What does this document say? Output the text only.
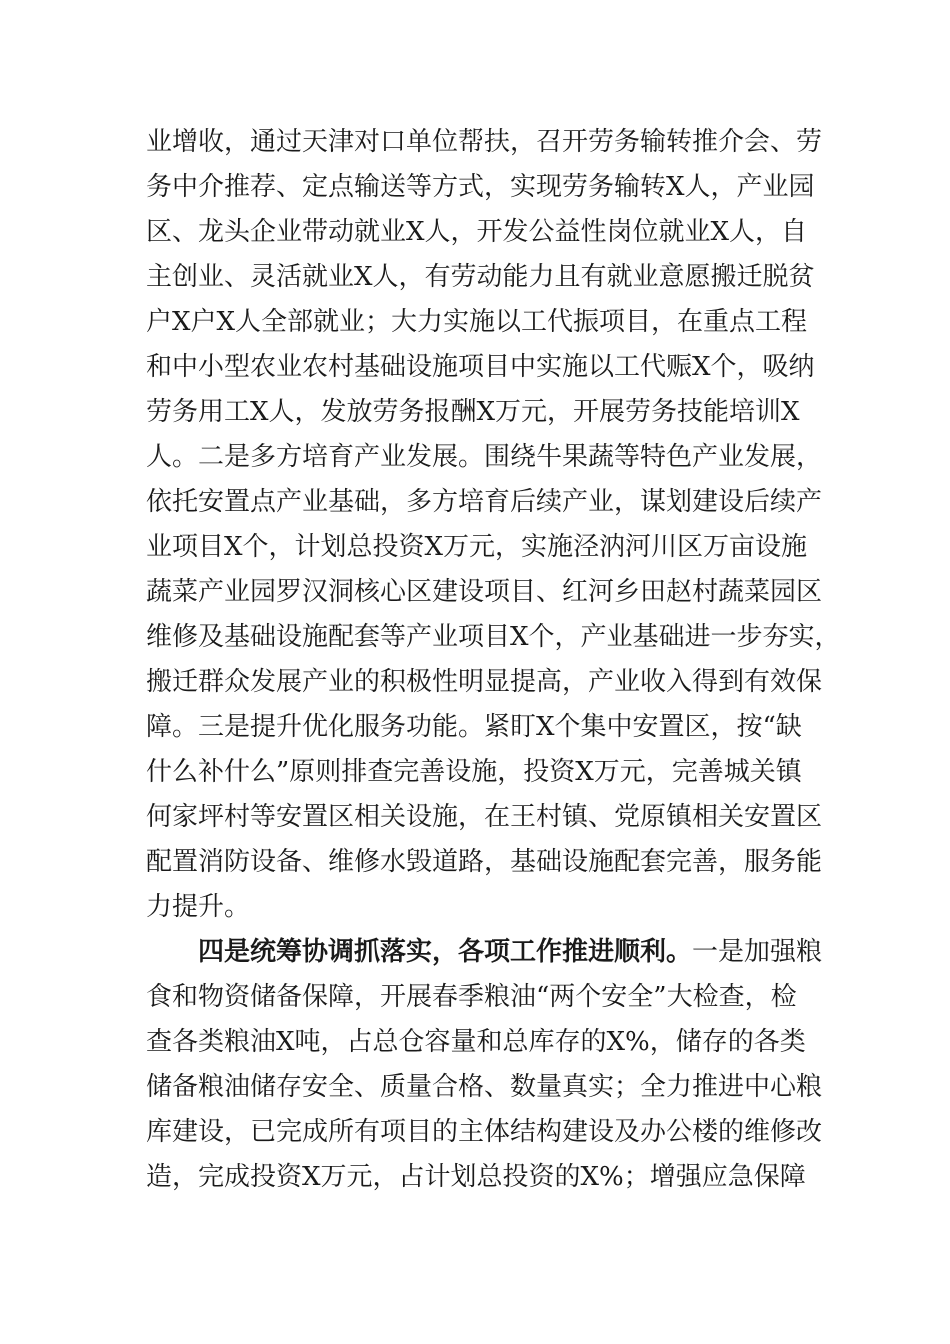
业增收，通过天津对口单位帮扶，召开劳务输转推介会、劳
务中介推荐、定点输送等方式，实现劳务输转X人，产业园
区、龙头企业带动就业X人，开发公益性岗位就业X人，自
主创业、灵活就业X人，有劳动能力且有就业意愿搬迁脱贫
户X户X人全部就业；大力实施以工代振项目，在重点工程
和中小型农业农村基础设施项目中实施以工代赈X个，吸纳
劳务用工X人，发放劳务报酬X万元，开展劳务技能培训X
人。二是多方培育产业发展。围绕牛果蔬等特色产业发展，
依托安置点产业基础，多方培育后续产业，谋划建设后续产
业项目X个，计划总投资X万元，实施泾汭河川区万亩设施
蔬菜产业园罗汉洞核心区建设项目、红河乡田赵村蔬菜园区
维修及基础设施配套等产业项目X个，产业基础进一步夯实，
搬迁群众发展产业的积极性明显提高，产业收入得到有效保
障。三是提升优化服务功能。紧盯X个集中安置区，按“缺
什么补什么”原则排查完善设施，投资X万元，完善城关镇
何家坪村等安置区相关设施，在王村镇、党原镇相关安置区
配置消防设备、维修水毁道路，基础设施配套完善，服务能
力提升。
四是统筹协调抓落实，各项工作推进顺利。一是加强粮
食和物资储备保障，开展春季粮油“两个安全”大检查，检
查各类粮油X吨，占总仓容量和总库存的X%，储存的各类
储备粮油储存安全、质量合格、数量真实；全力推进中心粮
库建设，已完成所有项目的主体结构建设及办公楼的维修改
造，完成投资X万元，占计划总投资的X%；增强应急保障
